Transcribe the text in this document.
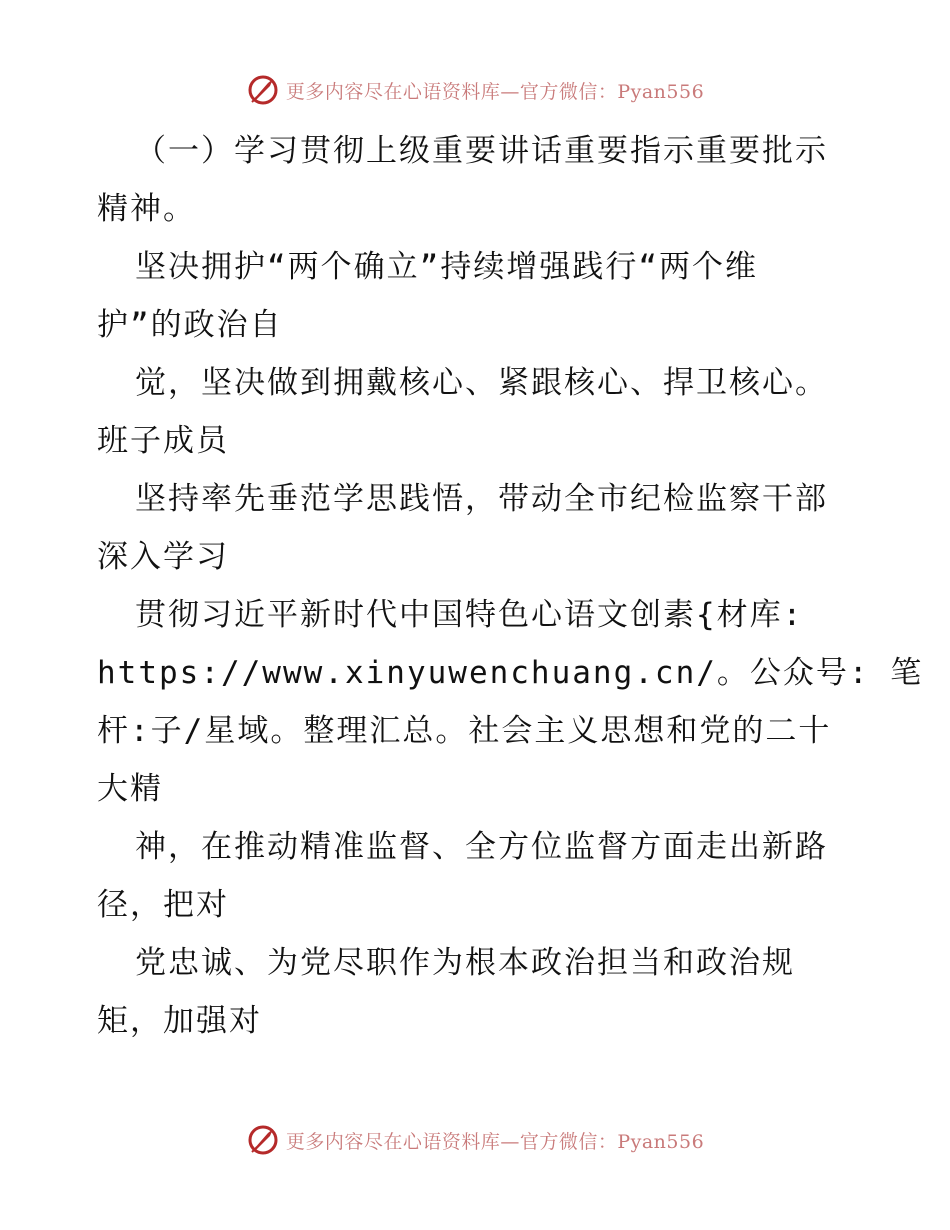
更多内容尽在心语资料库—官方微信：Pyan556
（一）学习贯彻上级重要讲话重要指示重要批示
精神。
坚决拥护“两个确立”持续增强践行“两个维
护”的政治自
觉，坚决做到拥戴核心、紧跟核心、捍卫核心。
班子成员
坚持率先垂范学思践悟，带动全市纪检监察干部
深入学习
贯彻习近平新时代中国特色心语文创素{材库:
https://www.xinyuwenchuang.cn/。公众号: 笔
杆:子/星域。整理汇总。社会主义思想和党的二十
大精
神，在推动精准监督、全方位监督方面走出新路
径，把对
党忠诚、为党尽职作为根本政治担当和政治规
矩，加强对
更多内容尽在心语资料库—官方微信：Pyan556
